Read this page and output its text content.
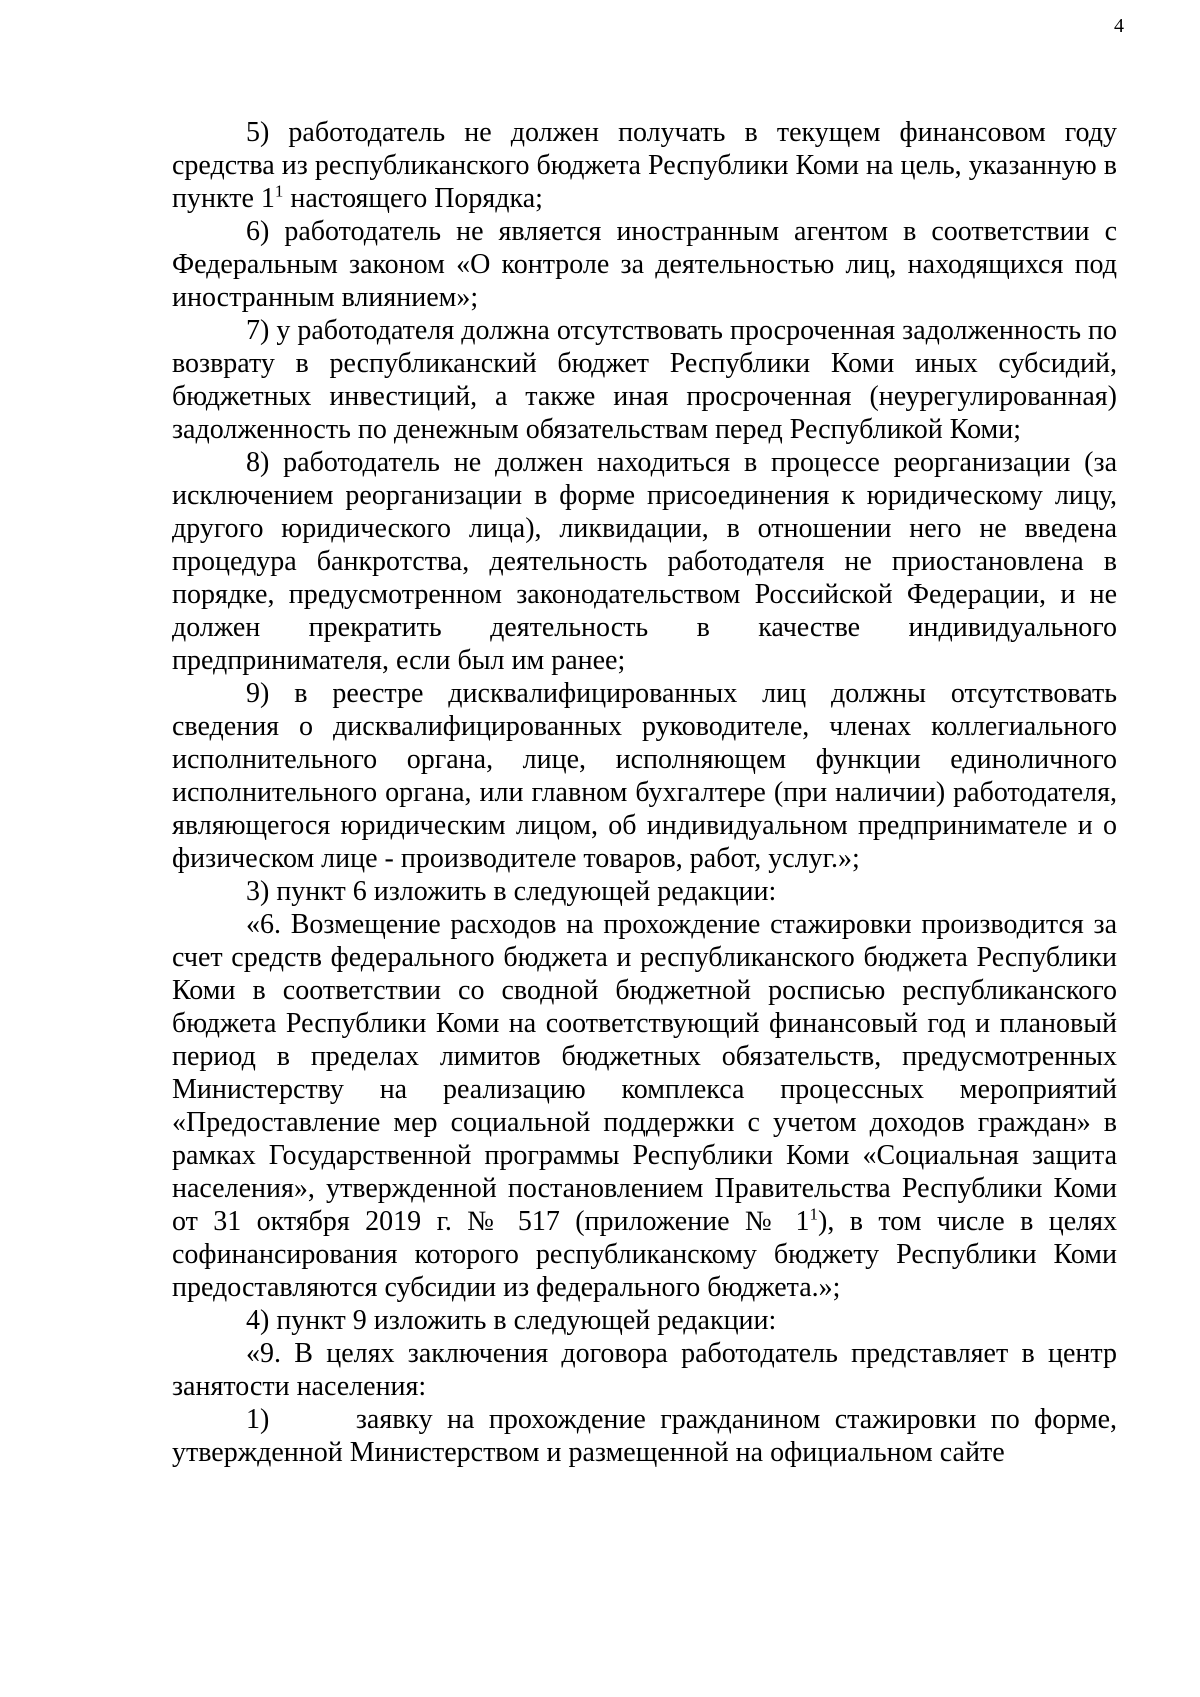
4

5) работодатель не должен получать в текущем финансовом году средства из республиканского бюджета Республики Коми на цель, указанную в пункте $1^1$ настоящего Порядка;

6) работодатель не является иностранным агентом в соответствии с Федеральным законом «О контроле за деятельностью лиц, находящихся под иностранным влиянием»;

7) у работодателя должна отсутствовать просроченная задолженность по возврату в республиканский бюджет Республики Коми иных субсидий, бюджетных инвестиций, а также иная просроченная (неурегулированная) задолженность по денежным обязательствам перед Республикой Коми;

8) работодатель не должен находиться в процессе реорганизации (за исключением реорганизации в форме присоединения к юридическому лицу, другого юридического лица), ликвидации, в отношении него не введена процедура банкротства, деятельность работодателя не приостановлена в порядке, предусмотренном законодательством Российской Федерации, и не должен прекратить деятельность в качестве индивидуального предпринимателя, если был им ранее;

9) в реестре дисквалифицированных лиц должны отсутствовать сведения о дисквалифицированных руководителе, членах коллегиального исполнительного органа, лице, исполняющем функции единоличного исполнительного органа, или главном бухгалтере (при наличии) работодателя, являющегося юридическим лицом, об индивидуальном предпринимателе и о физическом лице - производителе товаров, работ, услуг.»;

3) пункт 6 изложить в следующей редакции:

«6. Возмещение расходов на прохождение стажировки производится за счет средств федерального бюджета и республиканского бюджета Республики Коми в соответствии со сводной бюджетной росписью республиканского бюджета Республики Коми на соответствующий финансовый год и плановый период в пределах лимитов бюджетных обязательств, предусмотренных Министерству на реализацию комплекса процессных мероприятий «Предоставление мер социальной поддержки с учетом доходов граждан» в рамках Государственной программы Республики Коми «Социальная защита населения», утвержденной постановлением Правительства Республики Коми от 31 октября 2019 г. № 517 (приложение № $1^1$), в том числе в целях софинансирования которого республиканскому бюджету Республики Коми предоставляются субсидии из федерального бюджета.»;

4) пункт 9 изложить в следующей редакции:

«9. В целях заключения договора работодатель представляет в центр занятости населения:

1)      заявку на прохождение гражданином стажировки по форме, утвержденной Министерством и размещенной на официальном сайте
